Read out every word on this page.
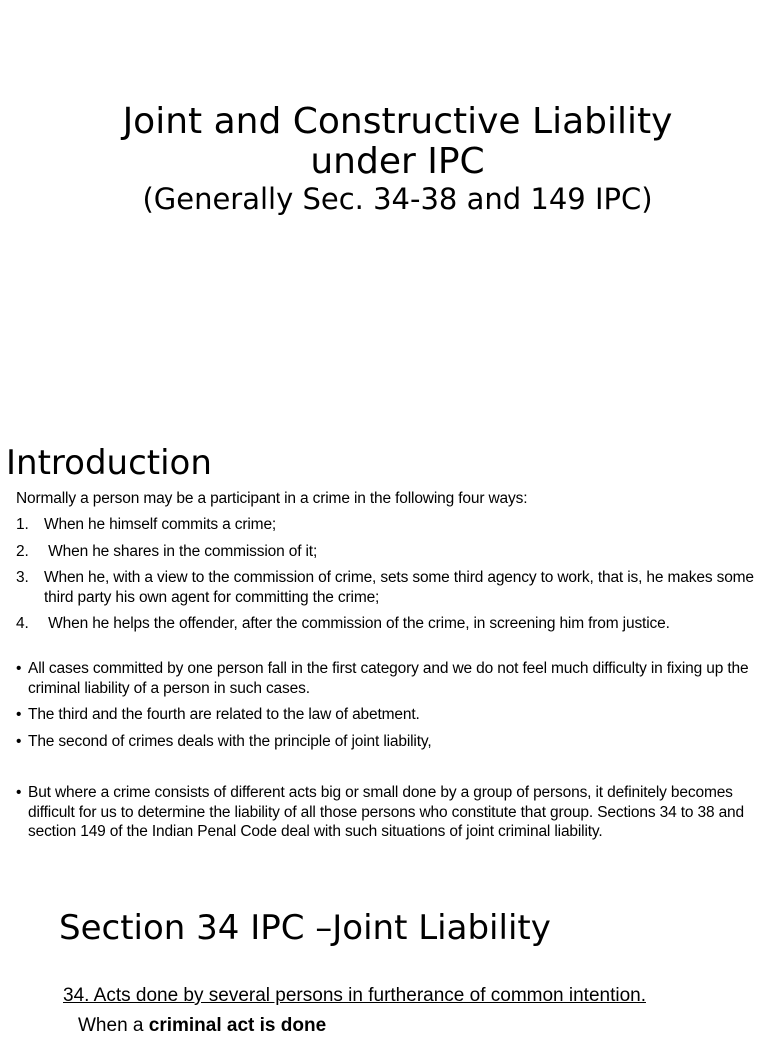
Joint and Constructive Liability
under IPC
(Generally Sec. 34-38 and 149 IPC)
Introduction
Normally a person may be a participant in a crime in the following four ways:
1. When he himself commits a crime;
2. When he shares in the commission of it;
3. When he, with a view to the commission of crime, sets some third agency to work, that is, he makes some third party his own agent for committing the crime;
4. When he helps the offender, after the commission of the crime, in screening him from justice.
• All cases committed by one person fall in the first category and we do not feel much difficulty in fixing up the criminal liability of a person in such cases.
• The third and the fourth are related to the law of abetment.
• The second of crimes deals with the principle of joint liability,
• But where a crime consists of different acts big or small done by a group of persons, it definitely becomes difficult for us to determine the liability of all those persons who constitute that group. Sections 34 to 38 and section 149 of the Indian Penal Code deal with such situations of joint criminal liability.
Section 34 IPC –Joint Liability
34. Acts done by several persons in furtherance of common intention.
When a criminal act is done
